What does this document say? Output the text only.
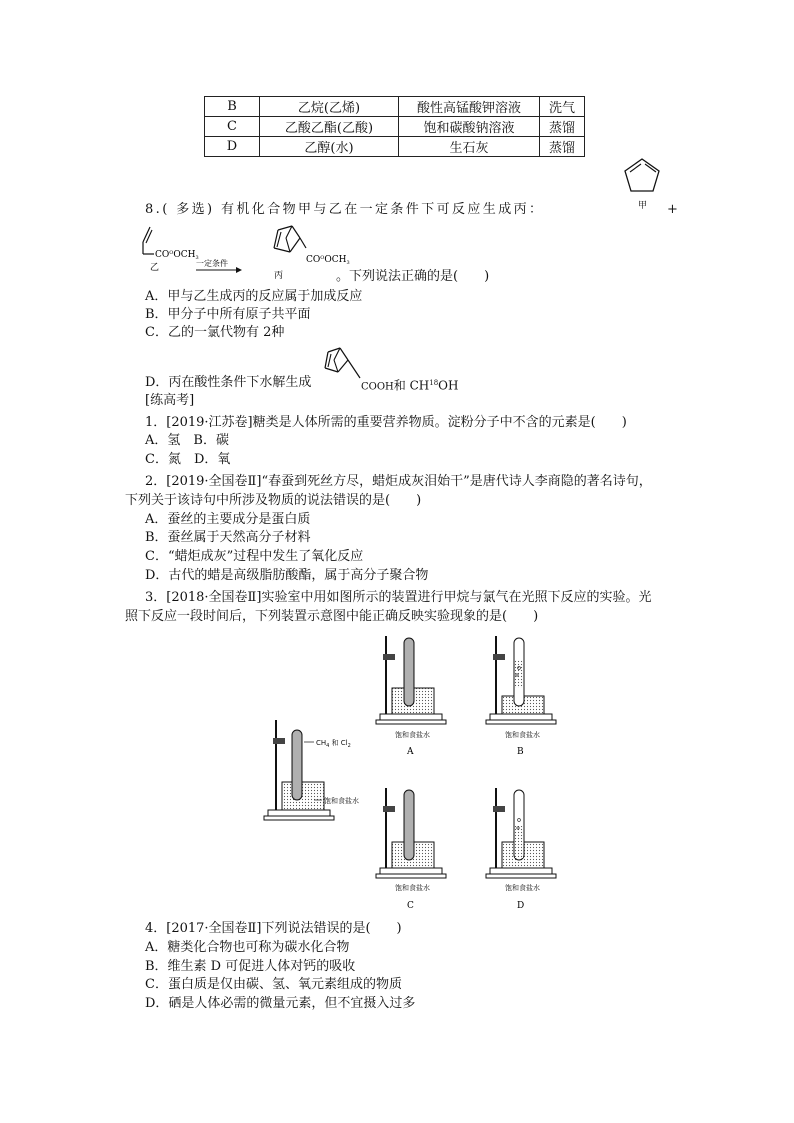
B	乙烷(乙烯)	酸性高锰酸钾溶液	洗气
C	乙酸乙酯(乙酸)	饱和碳酸钠溶液	蒸馏
D	乙醇(水)	生石灰	蒸馏
8.( 多选) 有机化合物甲与乙在一定条件下可反应生成丙：	甲 +
$CO^OOCH_3$
乙	一定条件	$CO^OOCH_3$
丙	。下列说法正确的是(　　)
A．甲与乙生成丙的反应属于加成反应
B．甲分子中所有原子共平面
C．乙的一氯代物有 2种
D．丙在酸性条件下水解生成	COOH和 CH$^{18}$OH
[练高考]
1．[2019·江苏卷]糖类是人体所需的重要营养物质。淀粉分子中不含的元素是(　　)
A．氢　B．碳
C．氮　D．氧
2．[2019·全国卷Ⅱ]“春蚕到死丝方尽，蜡炬成灰泪始干”是唐代诗人李商隐的著名诗句，
下列关于该诗句中所涉及物质的说法错误的是(　　)
A．蚕丝的主要成分是蛋白质
B．蚕丝属于天然高分子材料
C．“蜡炬成灰”过程中发生了氧化反应
D．古代的蜡是高级脂肪酸酯，属于高分子聚合物
3．[2018·全国卷Ⅱ]实验室中用如图所示的装置进行甲烷与氯气在光照下反应的实验。光
照下反应一段时间后，下列装置示意图中能正确反映实验现象的是(　　)
$CH_4$ 和 $Cl_2$
饱和食盐水
饱和食盐水
A
饱和食盐水
B
饱和食盐水
C
饱和食盐水
D
4．[2017·全国卷Ⅱ]下列说法错误的是(　　)
A．糖类化合物也可称为碳水化合物
B．维生素 D 可促进人体对钙的吸收
C．蛋白质是仅由碳、氢、氧元素组成的物质
D．硒是人体必需的微量元素，但不宜摄入过多
